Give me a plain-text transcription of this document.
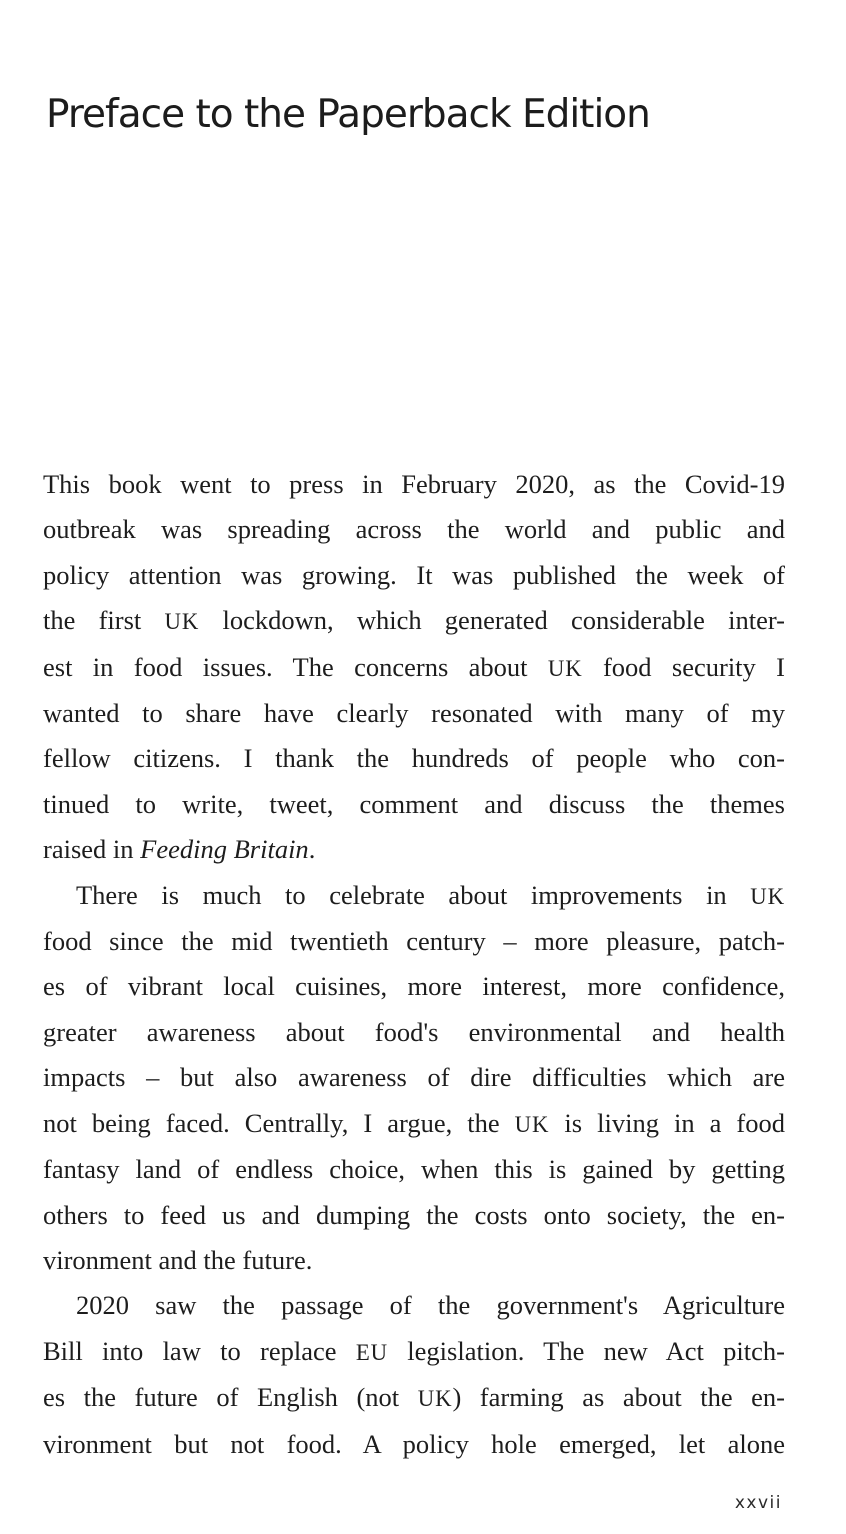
Preface to the Paperback Edition
This book went to press in February 2020, as the Covid-19
outbreak was spreading across the world and public and
policy attention was growing. It was published the week of
the first UK lockdown, which generated considerable inter-
est in food issues. The concerns about UK food security I
wanted to share have clearly resonated with many of my
fellow citizens. I thank the hundreds of people who con-
tinued to write, tweet, comment and discuss the themes
raised in Feeding Britain.
There is much to celebrate about improvements in UK
food since the mid twentieth century – more pleasure, patch-
es of vibrant local cuisines, more interest, more confidence,
greater awareness about food's environmental and health
impacts – but also awareness of dire difficulties which are
not being faced. Centrally, I argue, the UK is living in a food
fantasy land of endless choice, when this is gained by getting
others to feed us and dumping the costs onto society, the en-
vironment and the future.
2020 saw the passage of the government's Agriculture
Bill into law to replace EU legislation. The new Act pitch-
es the future of English (not UK) farming as about the en-
vironment but not food. A policy hole emerged, let alone
xxvii
